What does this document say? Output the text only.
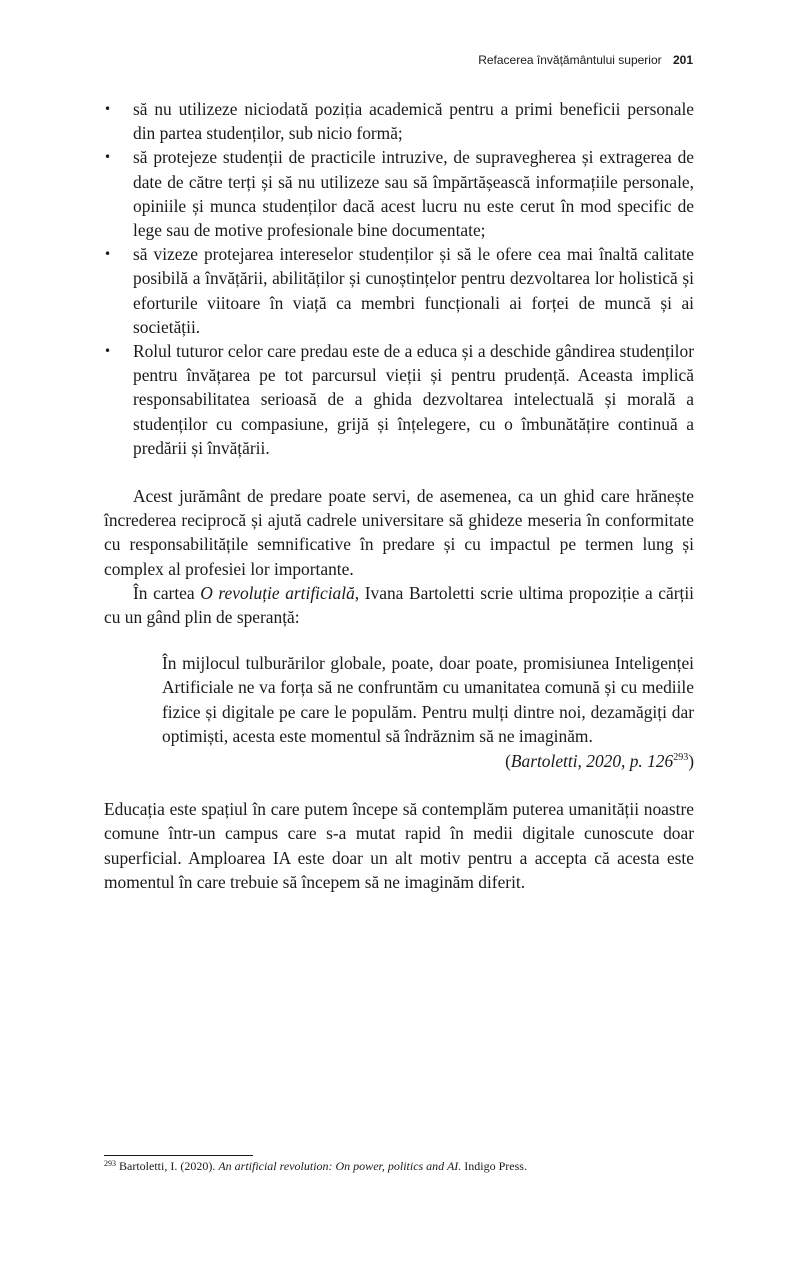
Refacerea învățământului superior 201
• să nu utilizeze niciodată poziția academică pentru a primi beneficii personale din partea studenților, sub nicio formă;
• să protejeze studenții de practicile intruzive, de supravegherea și extragerea de date de către terți și să nu utilizeze sau să împărtășească informațiile personale, opiniile și munca studenților dacă acest lucru nu este cerut în mod specific de lege sau de motive profesionale bine documentate;
• să vizeze protejarea intereselor studenților și să le ofere cea mai înaltă calitate posibilă a învățării, abilităților și cunoștințelor pentru dezvoltarea lor holistică și eforturile viitoare în viață ca membri funcționali ai forței de muncă și ai societății.
• Rolul tuturor celor care predau este de a educa și a deschide gândirea studenților pentru învățarea pe tot parcursul vieții și pentru prudență. Aceasta implică responsabilitatea serioasă de a ghida dezvoltarea intelectuală și morală a studenților cu compasiune, grijă și înțelegere, cu o îmbunătățire continuă a predării și învățării.

Acest jurământ de predare poate servi, de asemenea, ca un ghid care hrănește încrederea reciprocă și ajută cadrele universitare să ghideze meseria în conformitate cu responsabilitățile semnificative în predare și cu impactul pe termen lung și complex al profesiei lor importante.

În cartea O revoluție artificială, Ivana Bartoletti scrie ultima propoziție a cărții cu un gând plin de speranță:

În mijlocul tulburărilor globale, poate, doar poate, promisiunea Inteligenței Artificiale ne va forța să ne confruntăm cu umanitatea comună și cu mediile fizice și digitale pe care le populăm. Pentru mulți dintre noi, dezamăgiți dar optimiști, acesta este momentul să îndrăznim să ne imaginăm.

(Bartoletti, 2020, p. $126^{293}$)

Educația este spațiul în care putem începe să contemplăm puterea umanității noastre comune într-un campus care s-a mutat rapid în medii digitale cunoscute doar superficial. Amploarea IA este doar un alt motiv pentru a accepta că acesta este momentul în care trebuie să începem să ne imaginăm diferit.

$^{293}$ Bartoletti, I. (2020). An artificial revolution: On power, politics and AI. Indigo Press.
